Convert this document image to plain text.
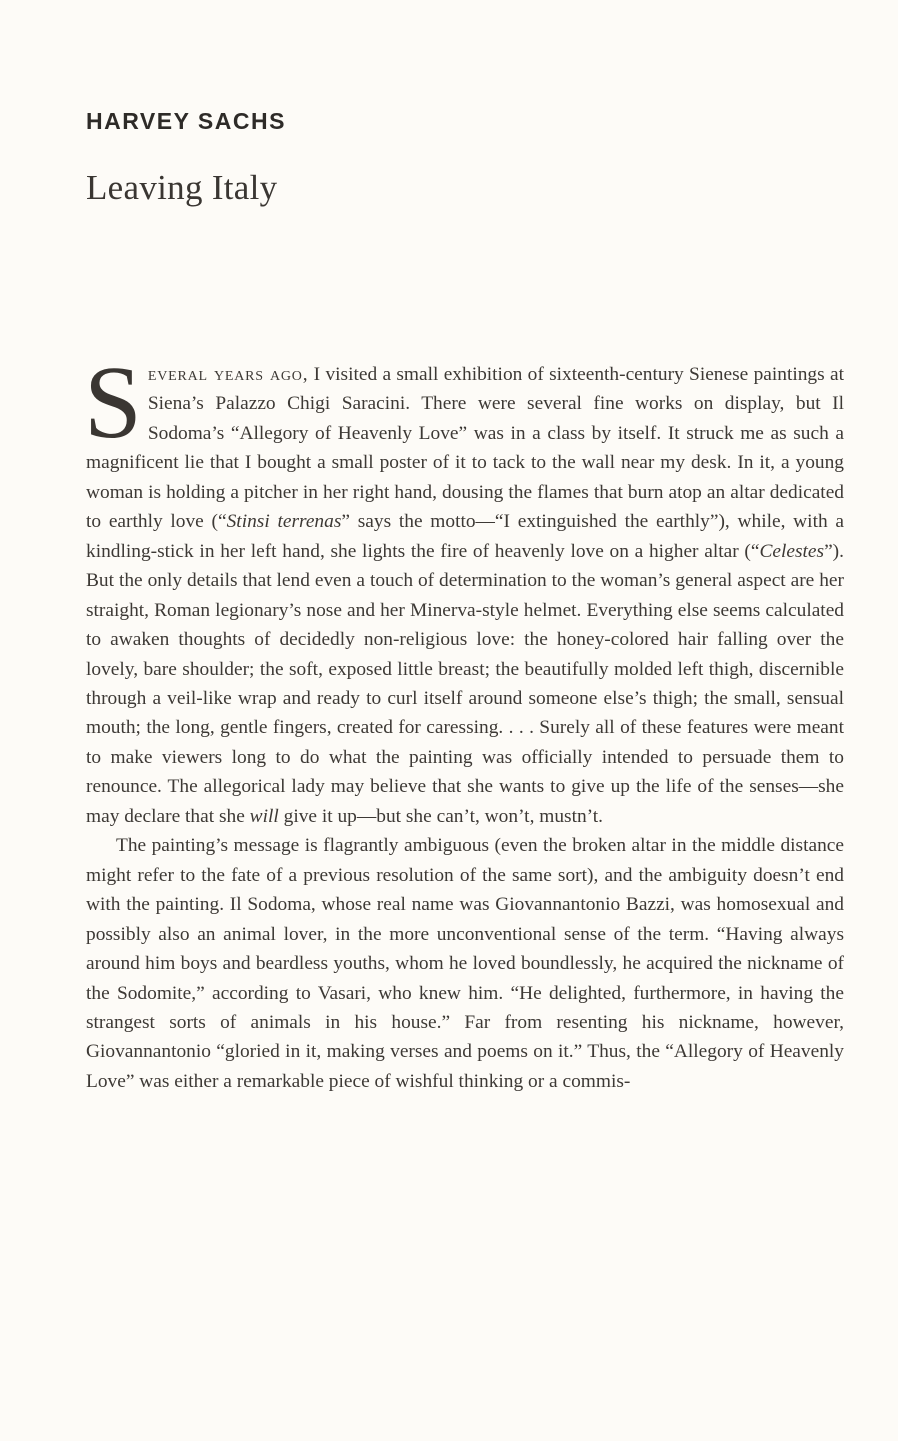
HARVEY SACHS
Leaving Italy

Several years ago, I visited a small exhibition of sixteenth-century Sienese paintings at Siena’s Palazzo Chigi Saracini. There were several fine works on display, but Il Sodoma’s “Allegory of Heavenly Love” was in a class by itself. It struck me as such a magnificent lie that I bought a small poster of it to tack to the wall near my desk. In it, a young woman is holding a pitcher in her right hand, dousing the flames that burn atop an altar dedicated to earthly love (“Stinsi terrenas” says the motto—“I extinguished the earthly”), while, with a kindling-stick in her left hand, she lights the fire of heavenly love on a higher altar (“Celestes”). But the only details that lend even a touch of determination to the woman’s general aspect are her straight, Roman legionary’s nose and her Minerva-style helmet. Everything else seems calculated to awaken thoughts of decidedly non-religious love: the honey-colored hair falling over the lovely, bare shoulder; the soft, exposed little breast; the beautifully molded left thigh, discernible through a veil-like wrap and ready to curl itself around someone else’s thigh; the small, sensual mouth; the long, gentle fingers, created for caressing. . . . Surely all of these features were meant to make viewers long to do what the painting was officially intended to persuade them to renounce. The allegorical lady may believe that she wants to give up the life of the senses—she may declare that she will give it up—but she can’t, won’t, mustn’t.

The painting’s message is flagrantly ambiguous (even the broken altar in the middle distance might refer to the fate of a previous resolution of the same sort), and the ambiguity doesn’t end with the painting. Il Sodoma, whose real name was Giovannantonio Bazzi, was homosexual and possibly also an animal lover, in the more unconventional sense of the term. “Having always around him boys and beardless youths, whom he loved boundlessly, he acquired the nickname of the Sodomite,” according to Vasari, who knew him. “He delighted, furthermore, in having the strangest sorts of animals in his house.” Far from resenting his nickname, however, Giovannantonio “gloried in it, making verses and poems on it.” Thus, the “Allegory of Heavenly Love” was either a remarkable piece of wishful thinking or a commis-
